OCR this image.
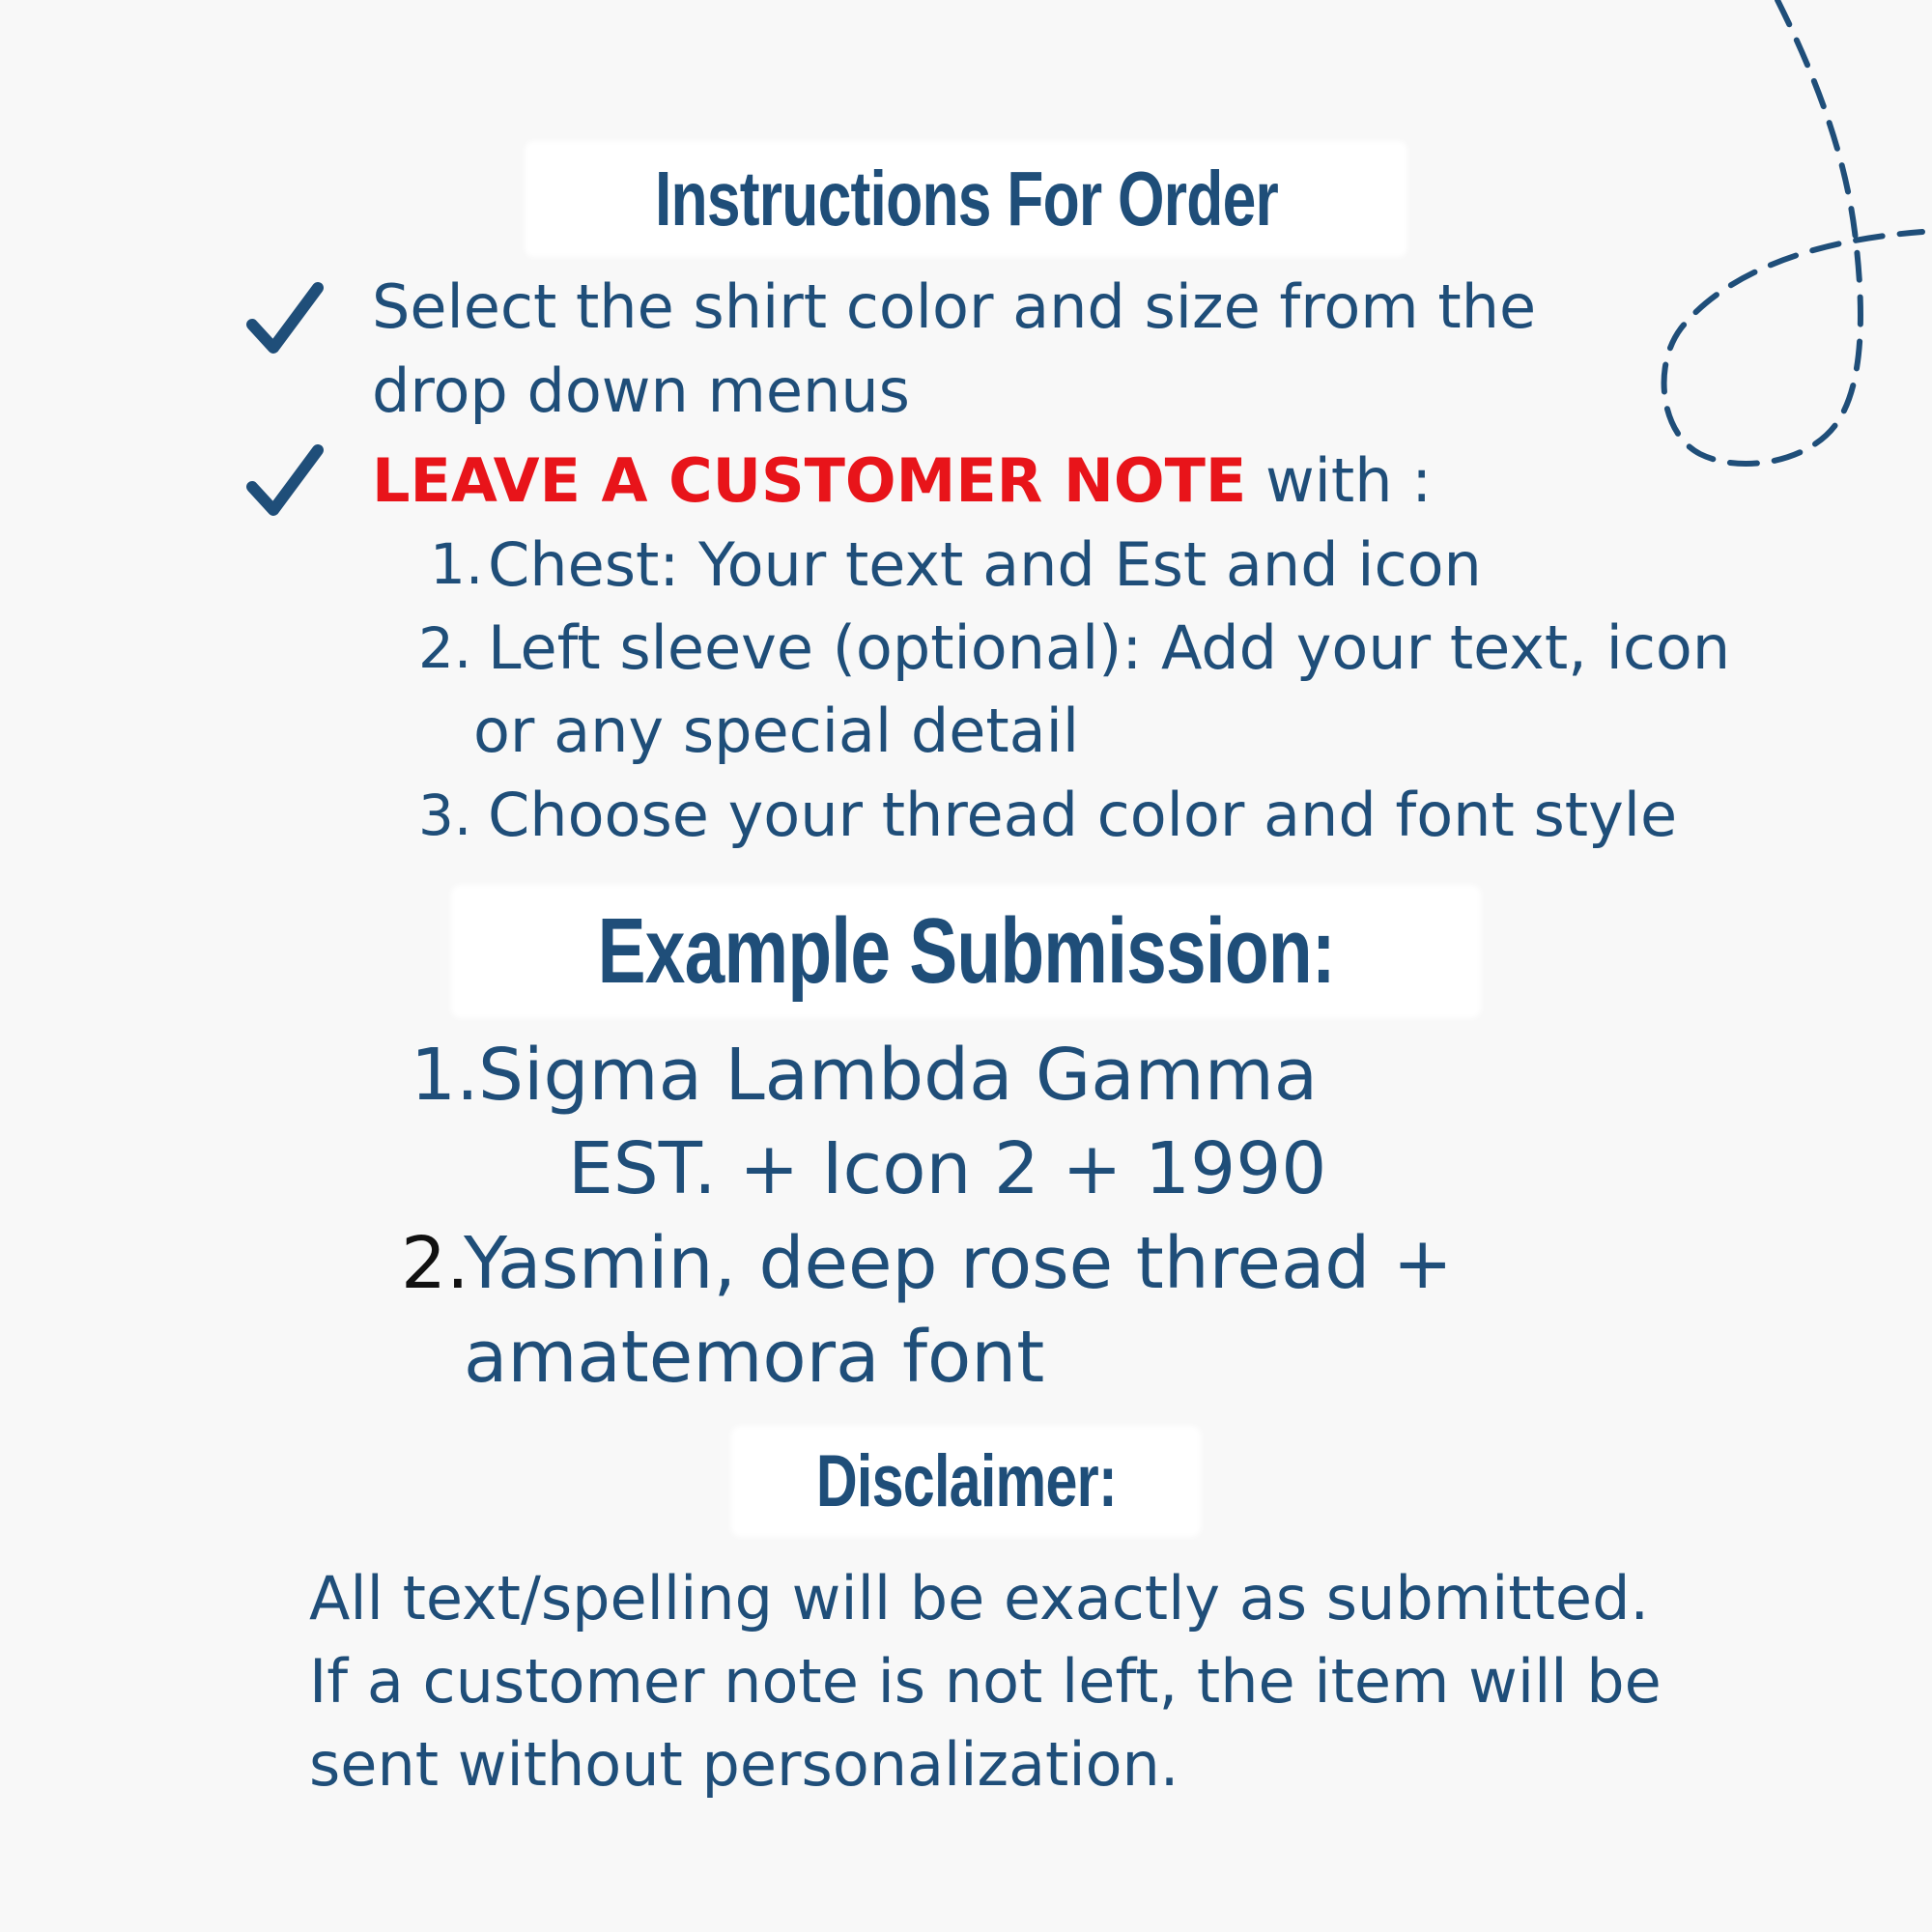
Instructions For Order
Select the shirt color and size from the
drop down menus
LEAVE A CUSTOMER NOTE with :
1. Chest: Your text and Est and icon
2. Left sleeve (optional): Add your text, icon
or any special detail
3. Choose your thread color and font style
Example Submission:
1. Sigma Lambda Gamma
EST. + Icon 2 + 1990
2.
Yasmin, deep rose thread +
amatemora font
Disclaimer:
All text/spelling will be exactly as submitted.
If a customer note is not left, the item will be
sent without personalization.
